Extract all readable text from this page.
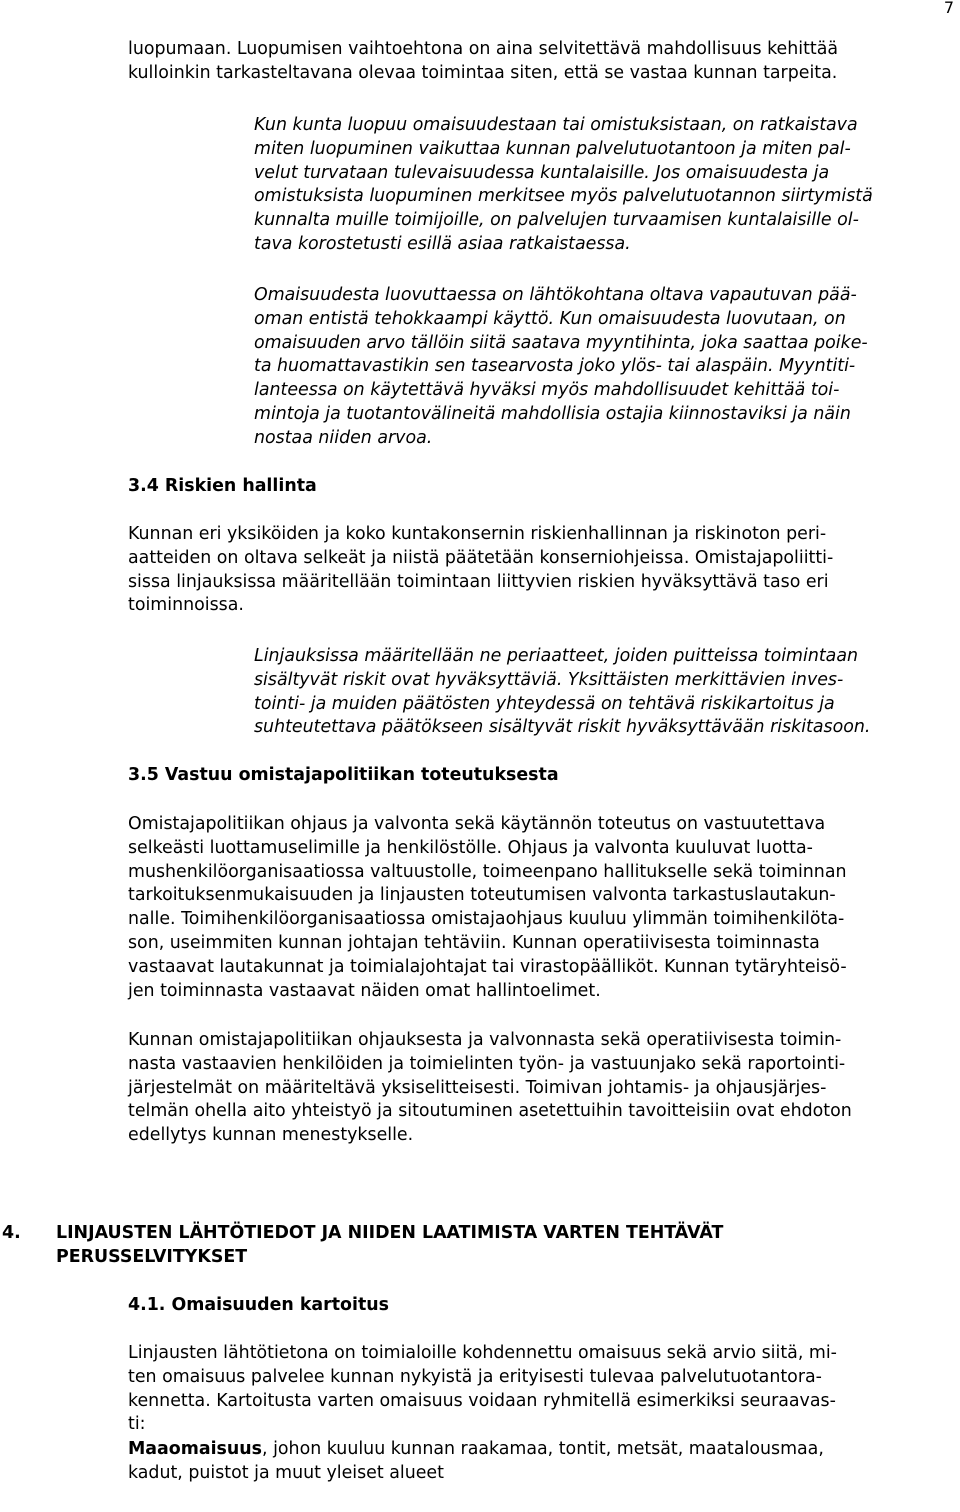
7

luopumaan. Luopumisen vaihtoehtona on aina selvitettävä mahdollisuus kehittää
kulloinkin tarkasteltavana olevaa toimintaa siten, että se vastaa kunnan tarpeita.

Kun kunta luopuu omaisuudestaan tai omistuksistaan, on ratkaistava
miten luopuminen vaikuttaa kunnan palvelutuotantoon ja miten pal-
velut turvataan tulevaisuudessa kuntalaisille. Jos omaisuudesta ja
omistuksista luopuminen merkitsee myös palvelutuotannon siirtymistä
kunnalta muille toimijoille, on palvelujen turvaamisen kuntalaisille ol-
tava korostetusti esillä asiaa ratkaistaessa.

Omaisuudesta luovuttaessa on lähtökohtana oltava vapautuvan pää-
oman entistä tehokkaampi käyttö. Kun omaisuudesta luovutaan, on
omaisuuden arvo tällöin siitä saatava myyntihinta, joka saattaa poike-
ta huomattavastikin sen tasearvosta joko ylös- tai alaspäin. Myyntiti-
lanteessa on käytettävä hyväksi myös mahdollisuudet kehittää toi-
mintoja ja tuotantovälineitä mahdollisia ostajia kiinnostaviksi ja näin
nostaa niiden arvoa.

3.4 Riskien hallinta

Kunnan eri yksiköiden ja koko kuntakonsernin riskienhallinnan ja riskinoton peri-
aatteiden on oltava selkeät ja niistä päätetään konserniohjeissa. Omistajapoliitti-
sissa linjauksissa määritellään toimintaan liittyvien riskien hyväksyttävä taso eri
toiminnoissa.

Linjauksissa määritellään ne periaatteet, joiden puitteissa toimintaan
sisältyvät riskit ovat hyväksyttäviä. Yksittäisten merkittävien inves-
tointi- ja muiden päätösten yhteydessä on tehtävä riskikartoitus ja
suhteutettava päätökseen sisältyvät riskit hyväksyttävään riskitasoon.

3.5 Vastuu omistajapolitiikan toteutuksesta

Omistajapolitiikan ohjaus ja valvonta sekä käytännön toteutus on vastuutettava
selkeästi luottamuselimille ja henkilöstölle. Ohjaus ja valvonta kuuluvat luotta-
mushenkilöorganisaatiossa valtuustolle, toimeenpano hallitukselle sekä toiminnan
tarkoituksenmukaisuuden ja linjausten toteutumisen valvonta tarkastuslautakun-
nalle. Toimihenkilöorganisaatiossa omistajaohjaus kuuluu ylimmän toimihenkilöta-
son, useimmiten kunnan johtajan tehtäviin. Kunnan operatiivisesta toiminnasta
vastaavat lautakunnat ja toimialajohtajat tai virastopäälliköt. Kunnan tytäryhteisö-
jen toiminnasta vastaavat näiden omat hallintoelimet.

Kunnan omistajapolitiikan ohjauksesta ja valvonnasta sekä operatiivisesta toimin-
nasta vastaavien henkilöiden ja toimielinten työn- ja vastuunjako sekä raportointi-
järjestelmät on määriteltävä yksiselitteisesti. Toimivan johtamis- ja ohjausjärjes-
telmän ohella aito yhteistyö ja sitoutuminen asetettuihin tavoitteisiin ovat ehdoton
edellytys kunnan menestykselle.

4. LINJAUSTEN LÄHTÖTIEDOT JA NIIDEN LAATIMISTA VARTEN TEHTÄVÄT
PERUSSELVITYKSET
4.1. Omaisuuden kartoitus

Linjausten lähtötietona on toimialoille kohdennettu omaisuus sekä arvio siitä, mi-
ten omaisuus palvelee kunnan nykyistä ja erityisesti tulevaa palvelutuotantora-
kennetta. Kartoitusta varten omaisuus voidaan ryhmitellä esimerkiksi seuraavas-
ti:

Maaomaisuus, johon kuuluu kunnan raakamaa, tontit, metsät, maatalousmaa,
kadut, puistot ja muut yleiset alueet
